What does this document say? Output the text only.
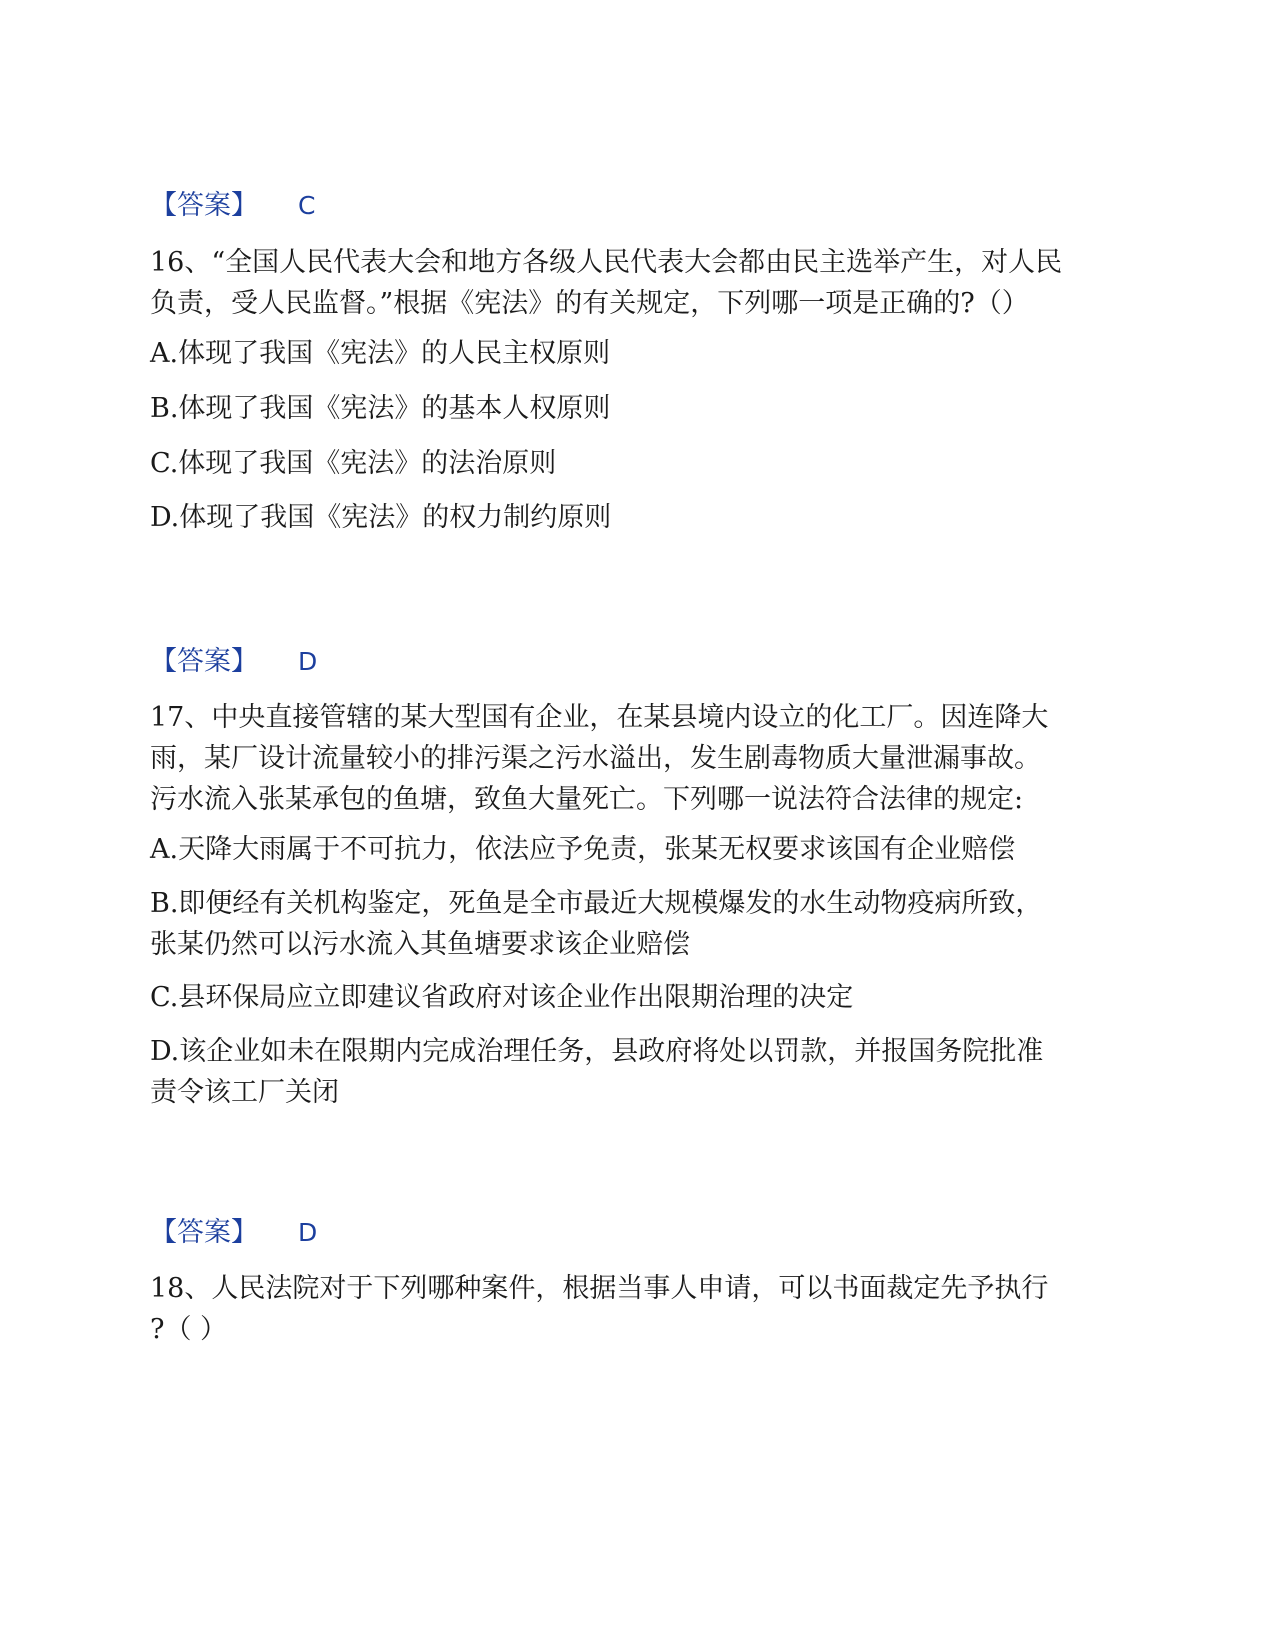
【答案】 C

16、“全国人民代表大会和地方各级人民代表大会都由民主选举产生，对人民

负责，受人民监督。”根据《宪法》的有关规定，下列哪一项是正确的?（）

A.体现了我国《宪法》的人民主权原则

B.体现了我国《宪法》的基本人权原则

C.体现了我国《宪法》的法治原则

D.体现了我国《宪法》的权力制约原则

【答案】 D

17、中央直接管辖的某大型国有企业，在某县境内设立的化工厂。因连降大

雨，某厂设计流量较小的排污渠之污水溢出，发生剧毒物质大量泄漏事故。

污水流入张某承包的鱼塘，致鱼大量死亡。下列哪一说法符合法律的规定:

A.天降大雨属于不可抗力，依法应予免责，张某无权要求该国有企业赔偿

B.即便经有关机构鉴定，死鱼是全市最近大规模爆发的水生动物疫病所致，

张某仍然可以污水流入其鱼塘要求该企业赔偿

C.县环保局应立即建议省政府对该企业作出限期治理的决定

D.该企业如未在限期内完成治理任务，县政府将处以罚款，并报国务院批准

责令该工厂关闭

【答案】 D

18、人民法院对于下列哪种案件，根据当事人申请，可以书面裁定先予执行

?（ ）
